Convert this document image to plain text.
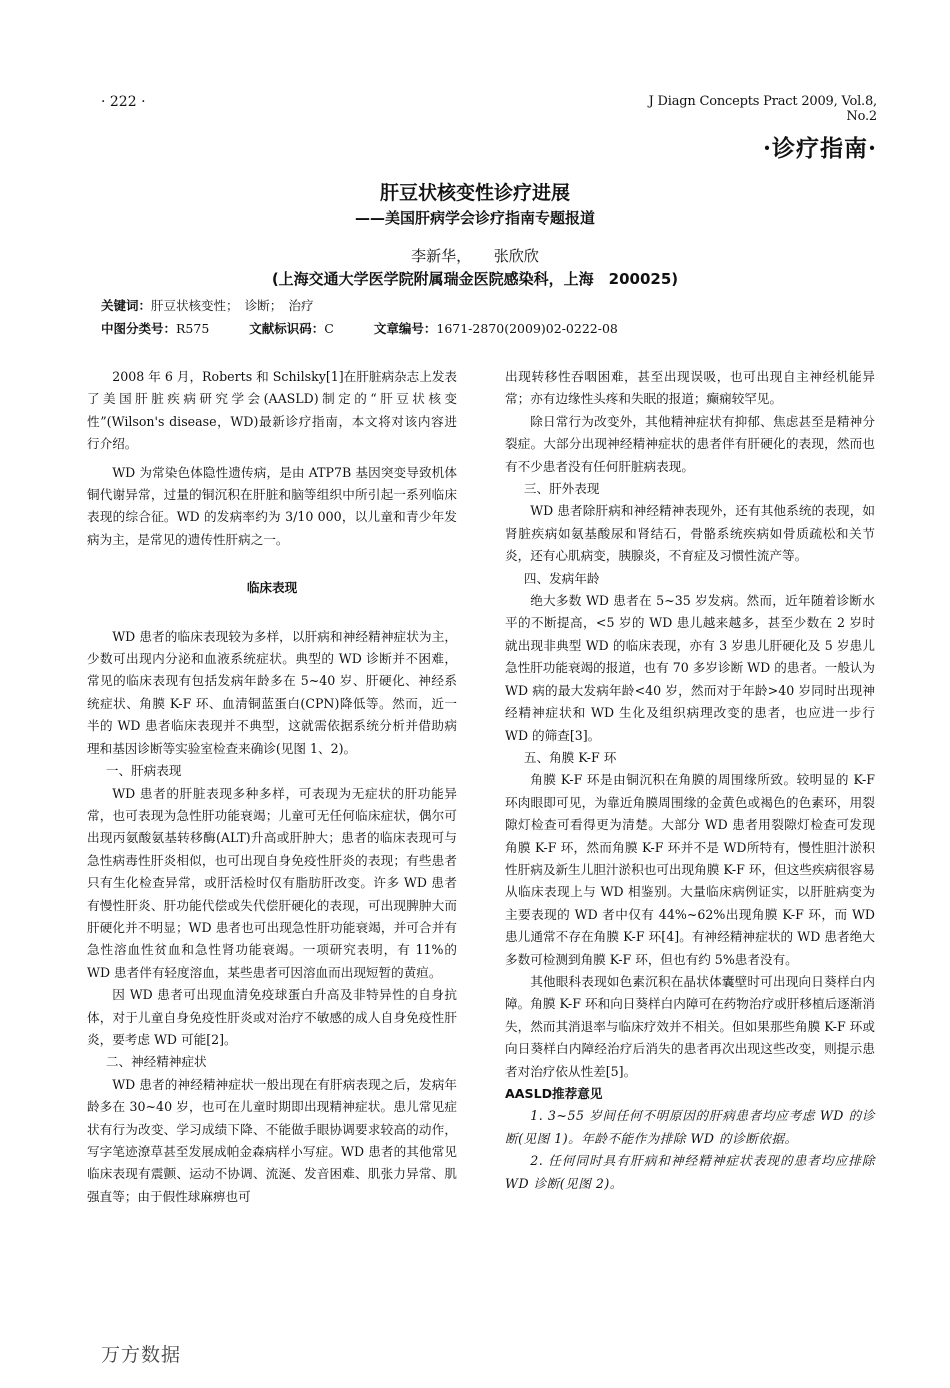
· 222 ·	J Diagn Concepts Pract 2009, Vol.8, No.2
·诊疗指南·
肝豆状核变性诊疗进展
——美国肝病学会诊疗指南专题报道
李新华， 张欣欣
(上海交通大学医学院附属瑞金医院感染科，上海　200025)
关键词：肝豆状核变性；　诊断；　治疗
中图分类号：R575	文献标识码：C	文章编号：1671-2870(2009)02-0222-08

2008 年 6 月，Roberts 和 Schilsky[1]在肝脏病杂志上发表了美国肝脏疾病研究学会(AASLD)制定的“肝豆状核变性”(Wilson's disease，WD)最新诊疗指南，本文将对该内容进行介绍。

WD 为常染色体隐性遗传病，是由 ATP7B 基因突变导致机体铜代谢异常，过量的铜沉积在肝脏和脑等组织中所引起一系列临床表现的综合征。WD 的发病率约为 3/10 000，以儿童和青少年发病为主，是常见的遗传性肝病之一。

临床表现

WD 患者的临床表现较为多样，以肝病和神经精神症状为主，少数可出现内分泌和血液系统症状。典型的 WD 诊断并不困难，常见的临床表现有包括发病年龄多在 5~40 岁、肝硬化、神经系统症状、角膜 K-F 环、血清铜蓝蛋白(CPN)降低等。然而，近一半的 WD 患者临床表现并不典型，这就需依据系统分析并借助病理和基因诊断等实验室检查来确诊(见图 1、2)。

一、肝病表现

WD 患者的肝脏表现多种多样，可表现为无症状的肝功能异常，也可表现为急性肝功能衰竭；儿童可无任何临床症状，偶尔可出现丙氨酸氨基转移酶(ALT)升高或肝肿大；患者的临床表现可与急性病毒性肝炎相似，也可出现自身免疫性肝炎的表现；有些患者只有生化检查异常，或肝活检时仅有脂肪肝改变。许多 WD 患者有慢性肝炎、肝功能代偿或失代偿肝硬化的表现，可出现脾肿大而肝硬化并不明显；WD 患者也可出现急性肝功能衰竭，并可合并有急性溶血性贫血和急性肾功能衰竭。一项研究表明，有 11%的 WD 患者伴有轻度溶血，某些患者可因溶血而出现短暂的黄疸。

因 WD 患者可出现血清免疫球蛋白升高及非特异性的自身抗体，对于儿童自身免疫性肝炎或对治疗不敏感的成人自身免疫性肝炎，要考虑 WD 可能[2]。

二、神经精神症状

WD 患者的神经精神症状一般出现在有肝病表现之后，发病年龄多在 30~40 岁，也可在儿童时期即出现精神症状。患儿常见症状有行为改变、学习成绩下降、不能做手眼协调要求较高的动作，写字笔迹潦草甚至发展成帕金森病样小写症。WD 患者的其他常见临床表现有震颤、运动不协调、流涎、发音困难、肌张力异常、肌强直等；由于假性球麻痹也可

出现转移性吞咽困难，甚至出现误吸，也可出现自主神经机能异常；亦有边缘性头疼和失眠的报道；癫痫较罕见。

除日常行为改变外，其他精神症状有抑郁、焦虑甚至是精神分裂症。大部分出现神经精神症状的患者伴有肝硬化的表现，然而也有不少患者没有任何肝脏病表现。

三、肝外表现

WD 患者除肝病和神经精神表现外，还有其他系统的表现，如肾脏疾病如氨基酸尿和肾结石，骨骼系统疾病如骨质疏松和关节炎，还有心肌病变，胰腺炎，不育症及习惯性流产等。

四、发病年龄

绝大多数 WD 患者在 5~35 岁发病。然而，近年随着诊断水平的不断提高，<5 岁的 WD 患儿越来越多，甚至少数在 2 岁时就出现非典型 WD 的临床表现，亦有 3 岁患儿肝硬化及 5 岁患儿急性肝功能衰竭的报道，也有 70 多岁诊断 WD 的患者。一般认为 WD 病的最大发病年龄<40 岁，然而对于年龄>40 岁同时出现神经精神症状和 WD 生化及组织病理改变的患者，也应进一步行 WD 的筛查[3]。

五、角膜 K-F 环

角膜 K-F 环是由铜沉积在角膜的周围缘所致。较明显的 K-F 环肉眼即可见，为靠近角膜周围缘的金黄色或褐色的色素环，用裂隙灯检查可看得更为清楚。大部分 WD 患者用裂隙灯检查可发现角膜 K-F 环，然而角膜 K-F 环并不是 WD所特有，慢性胆汁淤积性肝病及新生儿胆汁淤积也可出现角膜 K-F 环，但这些疾病很容易从临床表现上与 WD 相鉴别。大量临床病例证实，以肝脏病变为主要表现的 WD 者中仅有 44%~62%出现角膜 K-F 环，而 WD 患儿通常不存在角膜 K-F 环[4]。有神经精神症状的 WD 患者绝大多数可检测到角膜 K-F 环，但也有约 5%患者没有。

其他眼科表现如色素沉积在晶状体囊壁时可出现向日葵样白内障。角膜 K-F 环和向日葵样白内障可在药物治疗或肝移植后逐渐消失，然而其消退率与临床疗效并不相关。但如果那些角膜 K-F 环或向日葵样白内障经治疗后消失的患者再次出现这些改变，则提示患者对治疗依从性差[5]。

AASLD推荐意见

1. 3~55 岁间任何不明原因的肝病患者均应考虑 WD 的诊断(见图 1)。年龄不能作为排除 WD 的诊断依据。

2. 任何同时具有肝病和神经精神症状表现的患者均应排除 WD 诊断(见图 2)。

万方数据
